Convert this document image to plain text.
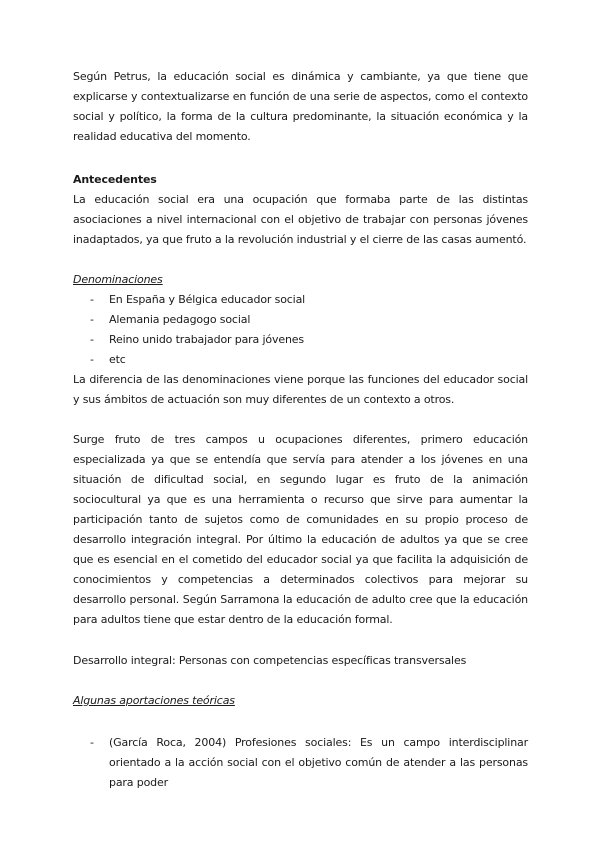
Según Petrus, la educación social es dinámica y cambiante, ya que tiene que explicarse y contextualizarse en función de una serie de aspectos, como el contexto social y político, la forma de la cultura predominante, la situación económica y la realidad educativa del momento.

Antecedentes

La educación social era una ocupación que formaba parte de las distintas asociaciones a nivel internacional con el objetivo de trabajar con personas jóvenes inadaptados, ya que fruto a la revolución industrial y el cierre de las casas aumentó.

Denominaciones

- En España y Bélgica educador social
- Alemania pedagogo social
- Reino unido trabajador para jóvenes
- etc

La diferencia de las denominaciones viene porque las funciones del educador social y sus ámbitos de actuación son muy diferentes de un contexto a otros.

Surge fruto de tres campos u ocupaciones diferentes, primero educación especializada ya que se entendía que servía para atender a los jóvenes en una situación de dificultad social, en segundo lugar es fruto de la animación sociocultural ya que es una herramienta o recurso que sirve para aumentar la participación tanto de sujetos como de comunidades en su propio proceso de desarrollo integración integral. Por último la educación de adultos ya que se cree que es esencial en el cometido del educador social ya que facilita la adquisición de conocimientos y competencias a determinados colectivos para mejorar su desarrollo personal. Según Sarramona la educación de adulto cree que la educación para adultos tiene que estar dentro de la educación formal.

Desarrollo integral: Personas con competencias específicas transversales

Algunas aportaciones teóricas

- (García Roca, 2004) Profesiones sociales: Es un campo interdisciplinar orientado a la acción social con el objetivo común de atender a las personas para poder
